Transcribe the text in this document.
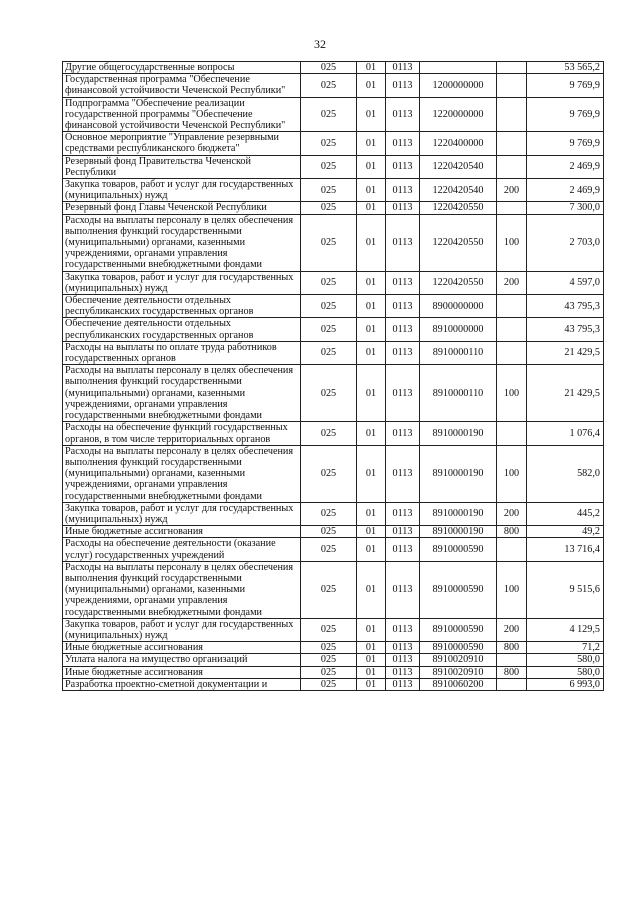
32
Другие общегосударственные вопросы	025	01	0113			53 565,2
Государственная программа "Обеспечение финансовой устойчивости Чеченской Республики"	025	01	0113	1200000000		9 769,9
Подпрограмма "Обеспечение реализации государственной программы "Обеспечение финансовой устойчивости Чеченской Республики"	025	01	0113	1220000000		9 769,9
Основное мероприятие "Управление резервными средствами республиканского бюджета"	025	01	0113	1220400000		9 769,9
Резервный фонд Правительства Чеченской Республики	025	01	0113	1220420540		2 469,9
Закупка товаров, работ и услуг для государственных (муниципальных) нужд	025	01	0113	1220420540	200	2 469,9
Резервный фонд Главы Чеченской Республики	025	01	0113	1220420550		7 300,0
Расходы на выплаты персоналу в целях обеспечения выполнения функций государственными (муниципальными) органами, казенными учреждениями, органами управления государственными внебюджетными фондами	025	01	0113	1220420550	100	2 703,0
Закупка товаров, работ и услуг для государственных (муниципальных) нужд	025	01	0113	1220420550	200	4 597,0
Обеспечение деятельности отдельных республиканских государственных органов	025	01	0113	8900000000		43 795,3
Обеспечение деятельности отдельных республиканских государственных органов	025	01	0113	8910000000		43 795,3
Расходы на выплаты по оплате труда работников государственных органов	025	01	0113	8910000110		21 429,5
Расходы на выплаты персоналу в целях обеспечения выполнения функций государственными (муниципальными) органами, казенными учреждениями, органами управления государственными внебюджетными фондами	025	01	0113	8910000110	100	21 429,5
Расходы на обеспечение функций государственных органов, в том числе территориальных органов	025	01	0113	8910000190		1 076,4
Расходы на выплаты персоналу в целях обеспечения выполнения функций государственными (муниципальными) органами, казенными учреждениями, органами управления государственными внебюджетными фондами	025	01	0113	8910000190	100	582,0
Закупка товаров, работ и услуг для государственных (муниципальных) нужд	025	01	0113	8910000190	200	445,2
Иные бюджетные ассигнования	025	01	0113	8910000190	800	49,2
Расходы на обеспечение деятельности (оказание услуг) государственных учреждений	025	01	0113	8910000590		13 716,4
Расходы на выплаты персоналу в целях обеспечения выполнения функций государственными (муниципальными) органами, казенными учреждениями, органами управления государственными внебюджетными фондами	025	01	0113	8910000590	100	9 515,6
Закупка товаров, работ и услуг для государственных (муниципальных) нужд	025	01	0113	8910000590	200	4 129,5
Иные бюджетные ассигнования	025	01	0113	8910000590	800	71,2
Уплата налога на имущество организаций	025	01	0113	8910020910		580,0
Иные бюджетные ассигнования	025	01	0113	8910020910	800	580,0
Разработка проектно-сметной документации и	025	01	0113	8910060200		6 993,0
